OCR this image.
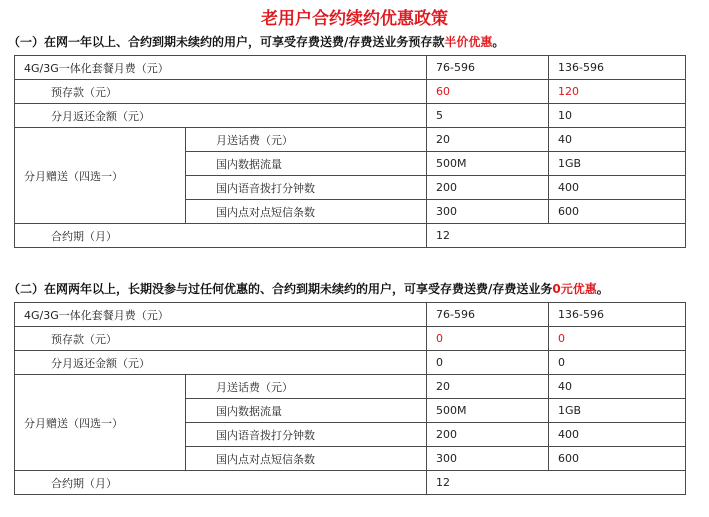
老用户合约续约优惠政策
（一）在网一年以上、合约到期未续约的用户，可享受存费送费/存费送业务预存款半价优惠。
4G/3G一体化套餐月费（元）		76-596	136-596
预存款（元）		60	120
分月返还金额（元）		5	10
分月赠送（四选一）	月送话费（元）	20	40
	国内数据流量	500M	1GB
	国内语音拨打分钟数	200	400
	国内点对点短信条数	300	600
合约期（月）		12	
（二）在网两年以上，长期没参与过任何优惠的、合约到期未续约的用户，可享受存费送费/存费送业务0元优惠。
4G/3G一体化套餐月费（元）		76-596	136-596
预存款（元）		0	0
分月返还金额（元）		0	0
分月赠送（四选一）	月送话费（元）	20	40
	国内数据流量	500M	1GB
	国内语音拨打分钟数	200	400
	国内点对点短信条数	300	600
合约期（月）		12	
